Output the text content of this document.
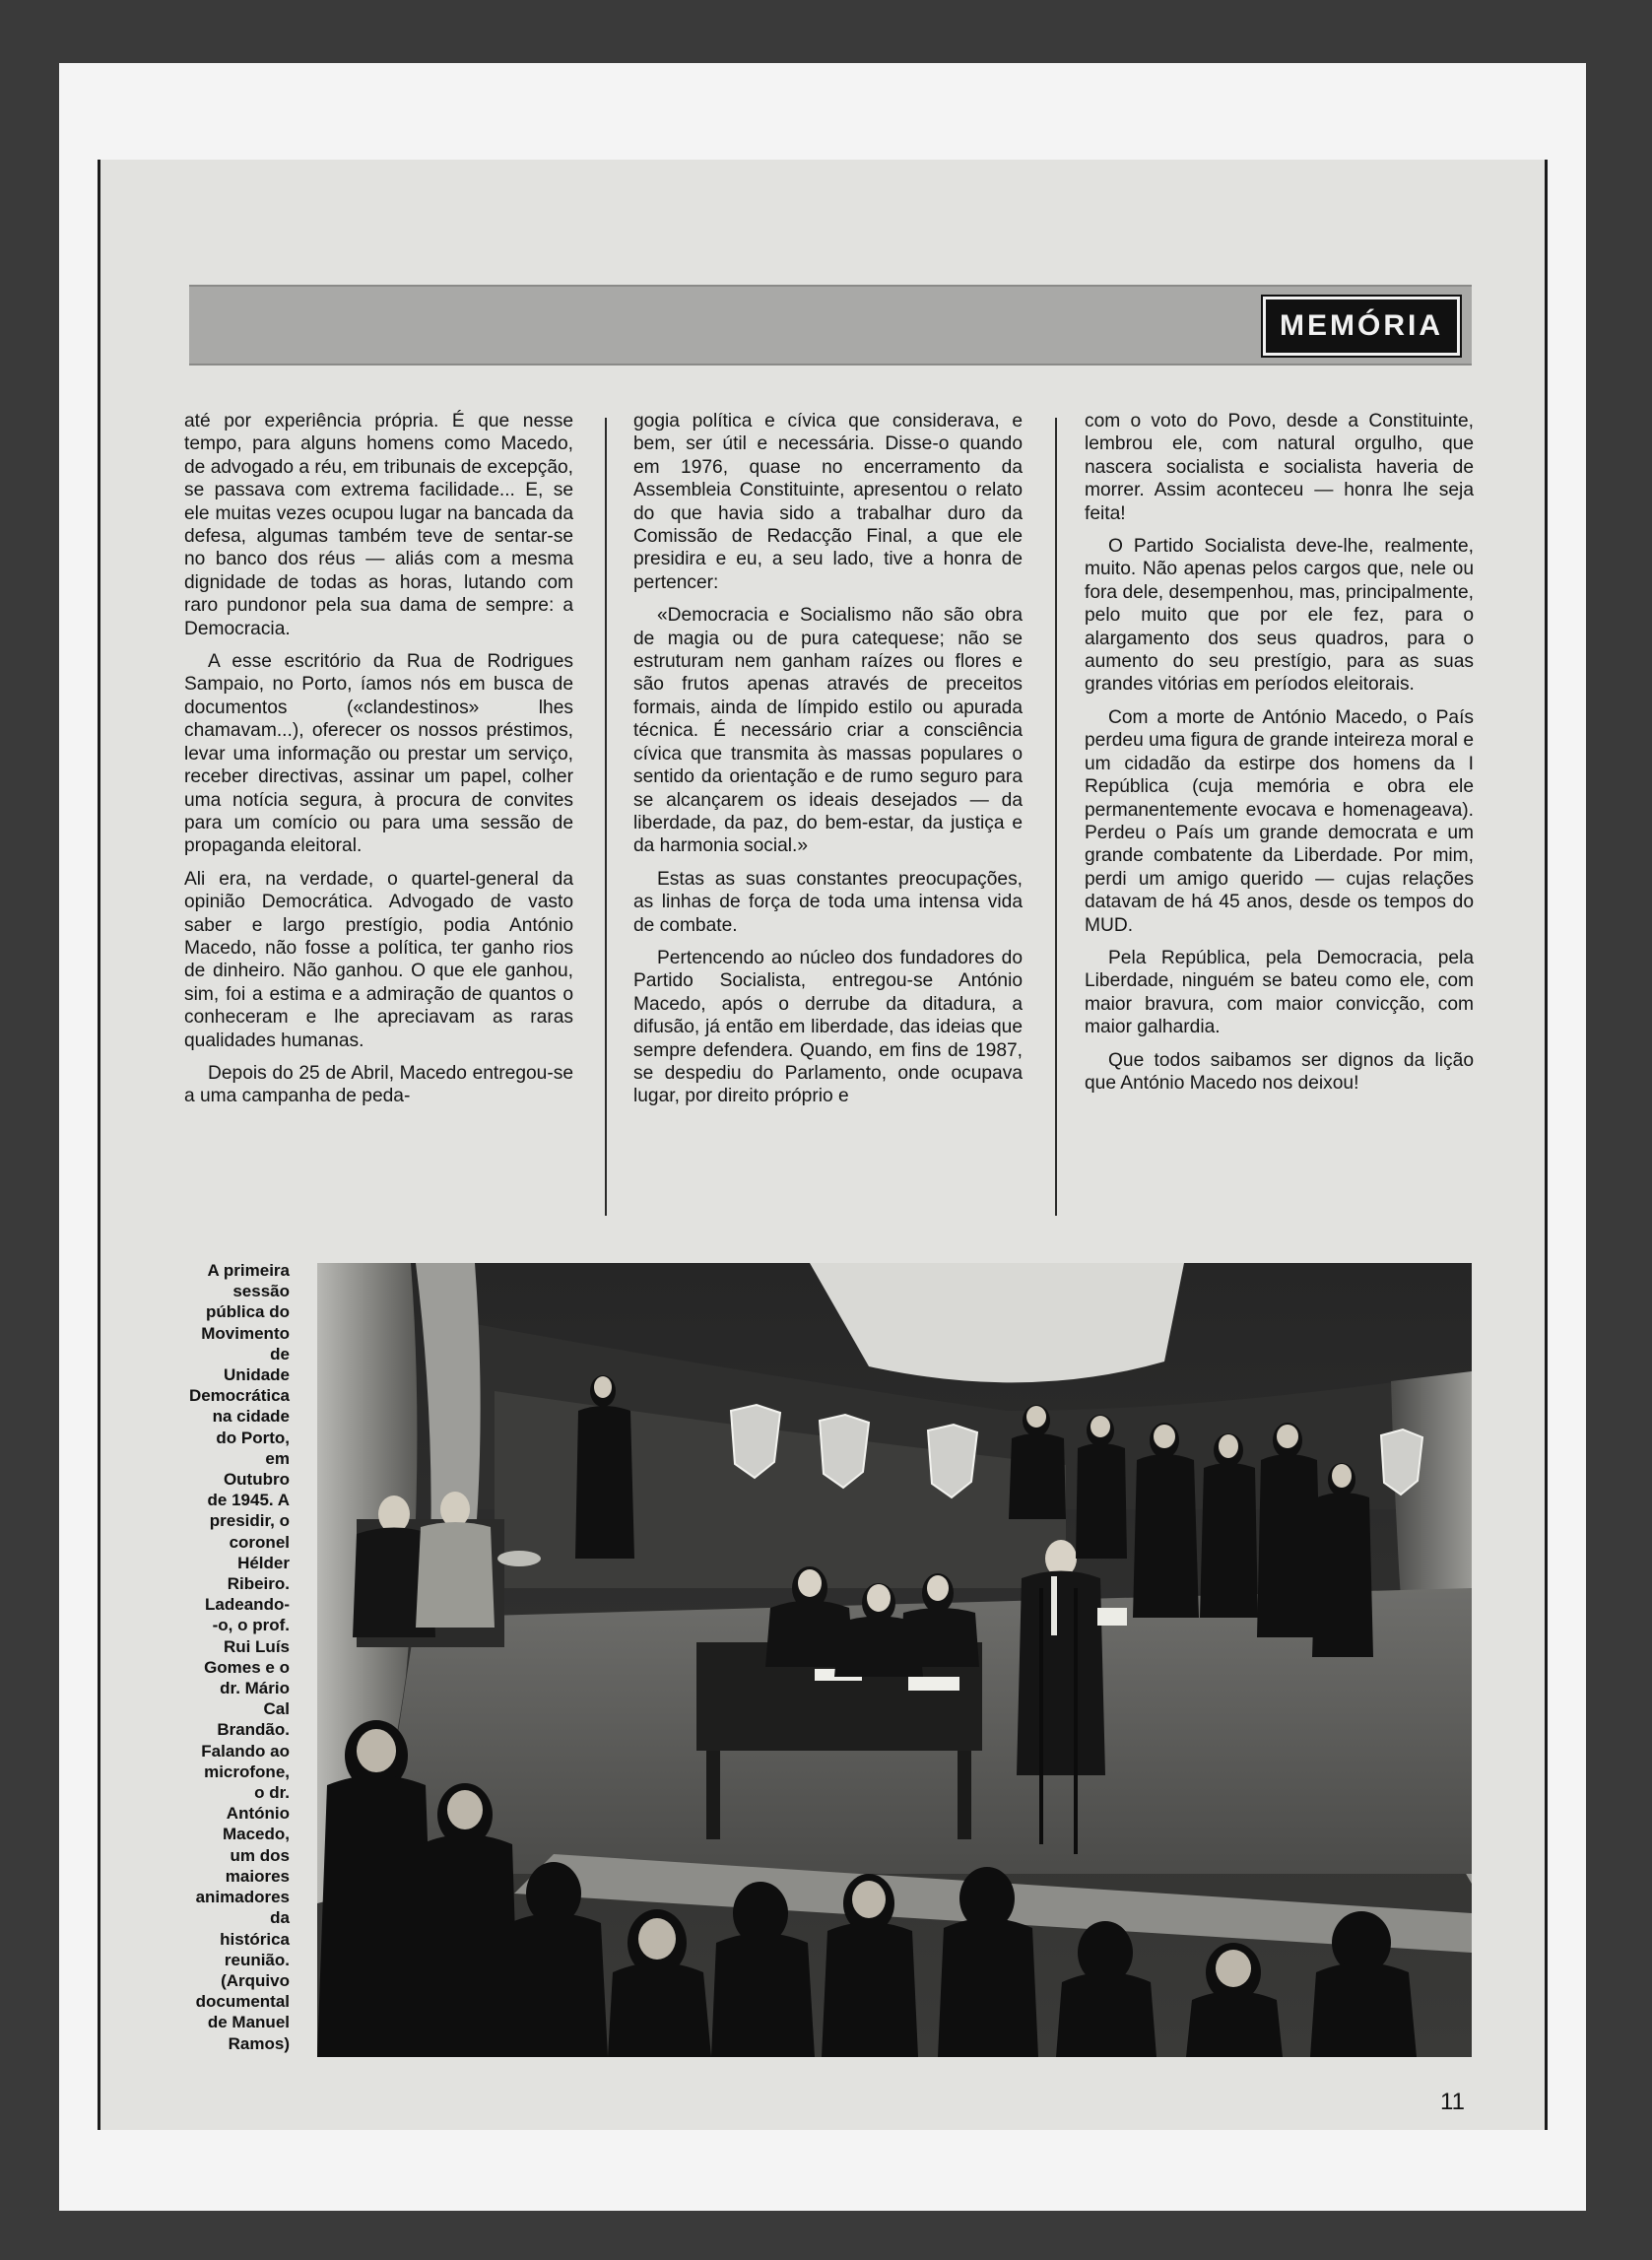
MEMÓRIA

até por experiência própria. É que nesse tempo, para alguns homens como Macedo, de advogado a réu, em tribunais de excepção, se passava com extrema facilidade... E, se ele muitas vezes ocupou lugar na bancada da defesa, algumas também teve de sentar-se no banco dos réus — aliás com a mesma dignidade de todas as horas, lutando com raro pundonor pela sua dama de sempre: a Democracia.

A esse escritório da Rua de Rodrigues Sampaio, no Porto, íamos nós em busca de documentos («clandestinos» lhes chamavam...), oferecer os nossos préstimos, levar uma informação ou prestar um serviço, receber directivas, assinar um papel, colher uma notícia segura, à procura de convites para um comício ou para uma sessão de propaganda eleitoral.

Ali era, na verdade, o quartel-general da opinião Democrática. Advogado de vasto saber e largo prestígio, podia António Macedo, não fosse a política, ter ganho rios de dinheiro. Não ganhou. O que ele ganhou, sim, foi a estima e a admiração de quantos o conheceram e lhe apreciavam as raras qualidades humanas.

Depois do 25 de Abril, Macedo entregou-se a uma campanha de peda-

gogia política e cívica que considerava, e bem, ser útil e necessária. Disse-o quando em 1976, quase no encerramento da Assembleia Constituinte, apresentou o relato do que havia sido a trabalhar duro da Comissão de Redacção Final, a que ele presidira e eu, a seu lado, tive a honra de pertencer:

«Democracia e Socialismo não são obra de magia ou de pura catequese; não se estruturam nem ganham raízes ou flores e são frutos apenas através de preceitos formais, ainda de límpido estilo ou apurada técnica. É necessário criar a consciência cívica que transmita às massas populares o sentido da orientação e de rumo seguro para se alcançarem os ideais desejados — da liberdade, da paz, do bem-estar, da justiça e da harmonia social.»

Estas as suas constantes preocupações, as linhas de força de toda uma intensa vida de combate.

Pertencendo ao núcleo dos fundadores do Partido Socialista, entregou-se António Macedo, após o derrube da ditadura, a difusão, já então em liberdade, das ideias que sempre defendera. Quando, em fins de 1987, se despediu do Parlamento, onde ocupava lugar, por direito próprio e

com o voto do Povo, desde a Constituinte, lembrou ele, com natural orgulho, que nascera socialista e socialista haveria de morrer. Assim aconteceu — honra lhe seja feita!

O Partido Socialista deve-lhe, realmente, muito. Não apenas pelos cargos que, nele ou fora dele, desempenhou, mas, principalmente, pelo muito que por ele fez, para o alargamento dos seus quadros, para o aumento do seu prestígio, para as suas grandes vitórias em períodos eleitorais.

Com a morte de António Macedo, o País perdeu uma figura de grande inteireza moral e um cidadão da estirpe dos homens da I República (cuja memória e obra ele permanentemente evocava e homenageava). Perdeu o País um grande democrata e um grande combatente da Liberdade. Por mim, perdi um amigo querido — cujas relações datavam de há 45 anos, desde os tempos do MUD.

Pela República, pela Democracia, pela Liberdade, ninguém se bateu como ele, com maior bravura, com maior convicção, com maior galhardia.

Que todos saibamos ser dignos da lição que António Macedo nos deixou!

A primeira
sessão
pública do
Movimento
de
Unidade
Democrática
na cidade
do Porto,
em
Outubro
de 1945. A
presidir, o
coronel
Hélder
Ribeiro.
Ladeando-
-o, o prof.
Rui Luís
Gomes e o
dr. Mário
Cal
Brandão.
Falando ao
microfone,
o dr.
António
Macedo,
um dos
maiores
animadores
da
histórica
reunião.
(Arquivo
documental
de Manuel
Ramos)
11
